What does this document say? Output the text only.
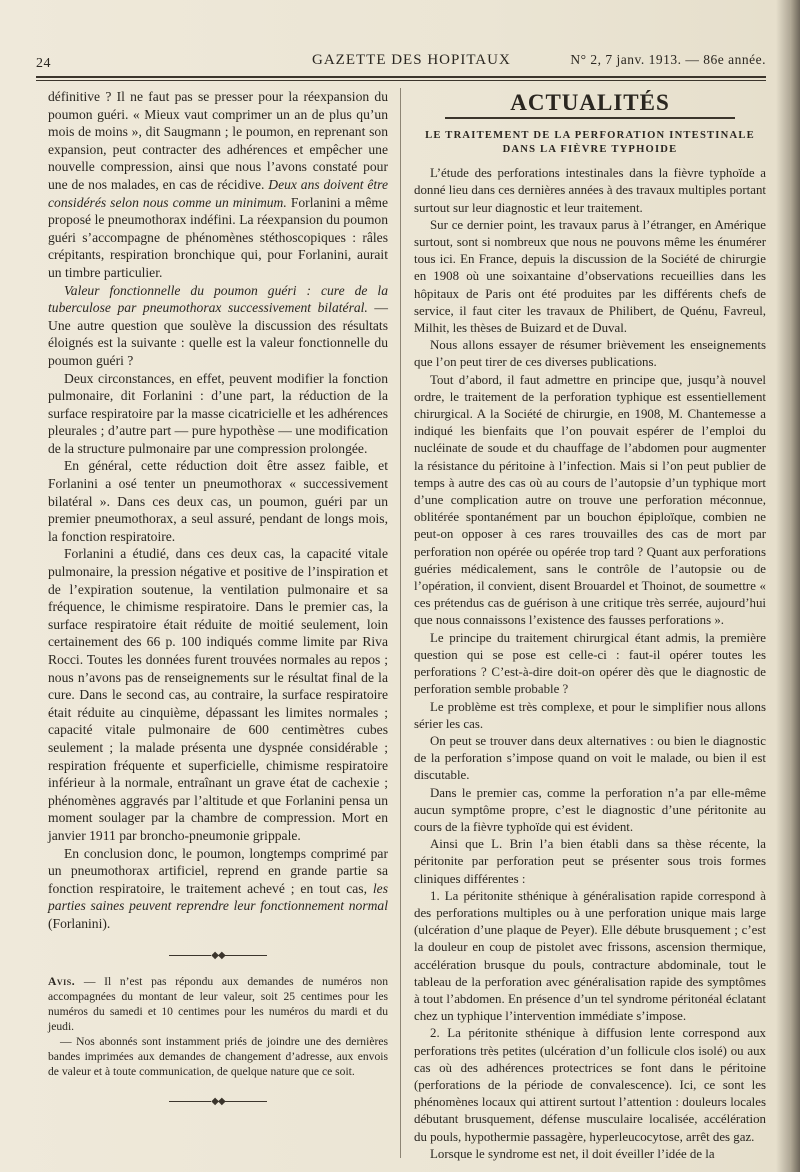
24	GAZETTE DES HOPITAUX	N° 2, 7 janv. 1913. — 86e année.

définitive ? Il ne faut pas se presser pour la réexpansion du poumon guéri. « Mieux vaut comprimer un an de plus qu’un mois de moins », dit Saugmann ; le poumon, en reprenant son expansion, peut contracter des adhérences et empêcher une nouvelle compression, ainsi que nous l’avons constaté pour une de nos malades, en cas de récidive. Deux ans doivent être considérés selon nous comme un minimum. Forlanini a même proposé le pneumothorax indéfini. La réexpansion du poumon guéri s’accompagne de phénomènes stéthoscopiques : râles crépitants, respiration bronchique qui, pour Forlanini, aurait un timbre particulier.

Valeur fonctionnelle du poumon guéri : cure de la tuberculose par pneumothorax successivement bilatéral. — Une autre question que soulève la discussion des résultats éloignés est la suivante : quelle est la valeur fonctionnelle du poumon guéri ?

Deux circonstances, en effet, peuvent modifier la fonction pulmonaire, dit Forlanini : d’une part, la réduction de la surface respiratoire par la masse cicatricielle et les adhérences pleurales ; d’autre part — pure hypothèse — une modification de la structure pulmonaire par une compression prolongée.

En général, cette réduction doit être assez faible, et Forlanini a osé tenter un pneumothorax « successivement bilatéral ». Dans ces deux cas, un poumon, guéri par un premier pneumothorax, a seul assuré, pendant de longs mois, la fonction respiratoire.

Forlanini a étudié, dans ces deux cas, la capacité vitale pulmonaire, la pression négative et positive de l’inspiration et de l’expiration soutenue, la ventilation pulmonaire et sa fréquence, le chimisme respiratoire. Dans le premier cas, la surface respiratoire était réduite de moitié seulement, loin certainement des 66 p. 100 indiqués comme limite par Riva Rocci. Toutes les données furent trouvées normales au repos ; nous n’avons pas de renseignements sur le résultat final de la cure. Dans le second cas, au contraire, la surface respiratoire était réduite au cinquième, dépassant les limites normales ; capacité vitale pulmonaire de 600 centimètres cubes seulement ; la malade présenta une dyspnée considérable ; respiration fréquente et superficielle, chimisme respiratoire inférieur à la normale, entraînant un grave état de cachexie ; phénomènes aggravés par l’altitude et que Forlanini pensa un moment soulager par la chambre de compression. Mort en janvier 1911 par broncho-pneumonie grippale.

En conclusion donc, le poumon, longtemps comprimé par un pneumothorax artificiel, reprend en grande partie sa fonction respiratoire, le traitement achevé ; en tout cas, les parties saines peuvent reprendre leur fonctionnement normal (Forlanini).

◆◆

Avis. — Il n’est pas répondu aux demandes de numéros non accompagnées du montant de leur valeur, soit 25 centimes pour les numéros du samedi et 10 centimes pour les numéros du mardi et du jeudi.

— Nos abonnés sont instamment priés de joindre une des dernières bandes imprimées aux demandes de changement d’adresse, aux envois de valeur et à toute communication, de quelque nature que ce soit.

◆◆
ACTUALITÉS
LE TRAITEMENT DE LA PERFORATION INTESTINALE
DANS LA FIÈVRE TYPHOIDE

L’étude des perforations intestinales dans la fièvre typhoïde a donné lieu dans ces dernières années à des travaux multiples portant surtout sur leur diagnostic et leur traitement.

Sur ce dernier point, les travaux parus à l’étranger, en Amérique surtout, sont si nombreux que nous ne pouvons même les énumérer tous ici. En France, depuis la discussion de la Société de chirurgie en 1908 où une soixantaine d’observations recueillies dans les hôpitaux de Paris ont été produites par les différents chefs de service, il faut citer les travaux de Philibert, de Quénu, Favreul, Milhit, les thèses de Buizard et de Duval.

Nous allons essayer de résumer brièvement les enseignements que l’on peut tirer de ces diverses publications.

Tout d’abord, il faut admettre en principe que, jusqu’à nouvel ordre, le traitement de la perforation typhique est essentiellement chirurgical. A la Société de chirurgie, en 1908, M. Chantemesse a indiqué les bienfaits que l’on pouvait espérer de l’emploi du nucléinate de soude et du chauffage de l’abdomen pour augmenter la résistance du péritoine à l’infection. Mais si l’on peut publier de temps à autre des cas où au cours de l’autopsie d’un typhique mort d’une complication autre on trouve une perforation méconnue, oblitérée spontanément par un bouchon épiploïque, combien ne peut-on opposer à ces rares trouvailles des cas de mort par perforation non opérée ou opérée trop tard ? Quant aux perforations guéries médicalement, sans le contrôle de l’autopsie ou de l’opération, il convient, disent Brouardel et Thoinot, de soumettre « ces prétendus cas de guérison à une critique très serrée, aujourd’hui que nous connaissons l’existence des fausses perforations ».

Le principe du traitement chirurgical étant admis, la première question qui se pose est celle-ci : faut-il opérer toutes les perforations ? C’est-à-dire doit-on opérer dès que le diagnostic de perforation semble probable ?

Le problème est très complexe, et pour le simplifier nous allons sérier les cas.

On peut se trouver dans deux alternatives : ou bien le diagnostic de la perforation s’impose quand on voit le malade, ou bien il est discutable.

Dans le premier cas, comme la perforation n’a par elle-même aucun symptôme propre, c’est le diagnostic d’une péritonite au cours de la fièvre typhoïde qui est évident.

Ainsi que L. Brin l’a bien établi dans sa thèse récente, la péritonite par perforation peut se présenter sous trois formes cliniques différentes :

1. La péritonite sthénique à généralisation rapide correspond à des perforations multiples ou à une perforation unique mais large (ulcération d’une plaque de Peyer). Elle débute brusquement ; c’est la douleur en coup de pistolet avec frissons, ascension thermique, accélération brusque du pouls, contracture abdominale, tout le tableau de la perforation avec généralisation rapide des symptômes à tout l’abdomen. En présence d’un tel syndrome péritonéal éclatant chez un typhique l’intervention immédiate s’impose.

2. La péritonite sthénique à diffusion lente correspond aux perforations très petites (ulcération d’un follicule clos isolé) ou aux cas où des adhérences protectrices se font dans le péritoine (perforations de la période de convalescence). Ici, ce sont les phénomènes locaux qui attirent surtout l’attention : douleurs locales débutant brusquement, défense musculaire localisée, accélération du pouls, hypothermie passagère, hyperleucocytose, arrêt des gaz.

Lorsque le syndrome est net, il doit éveiller l’idée de la
